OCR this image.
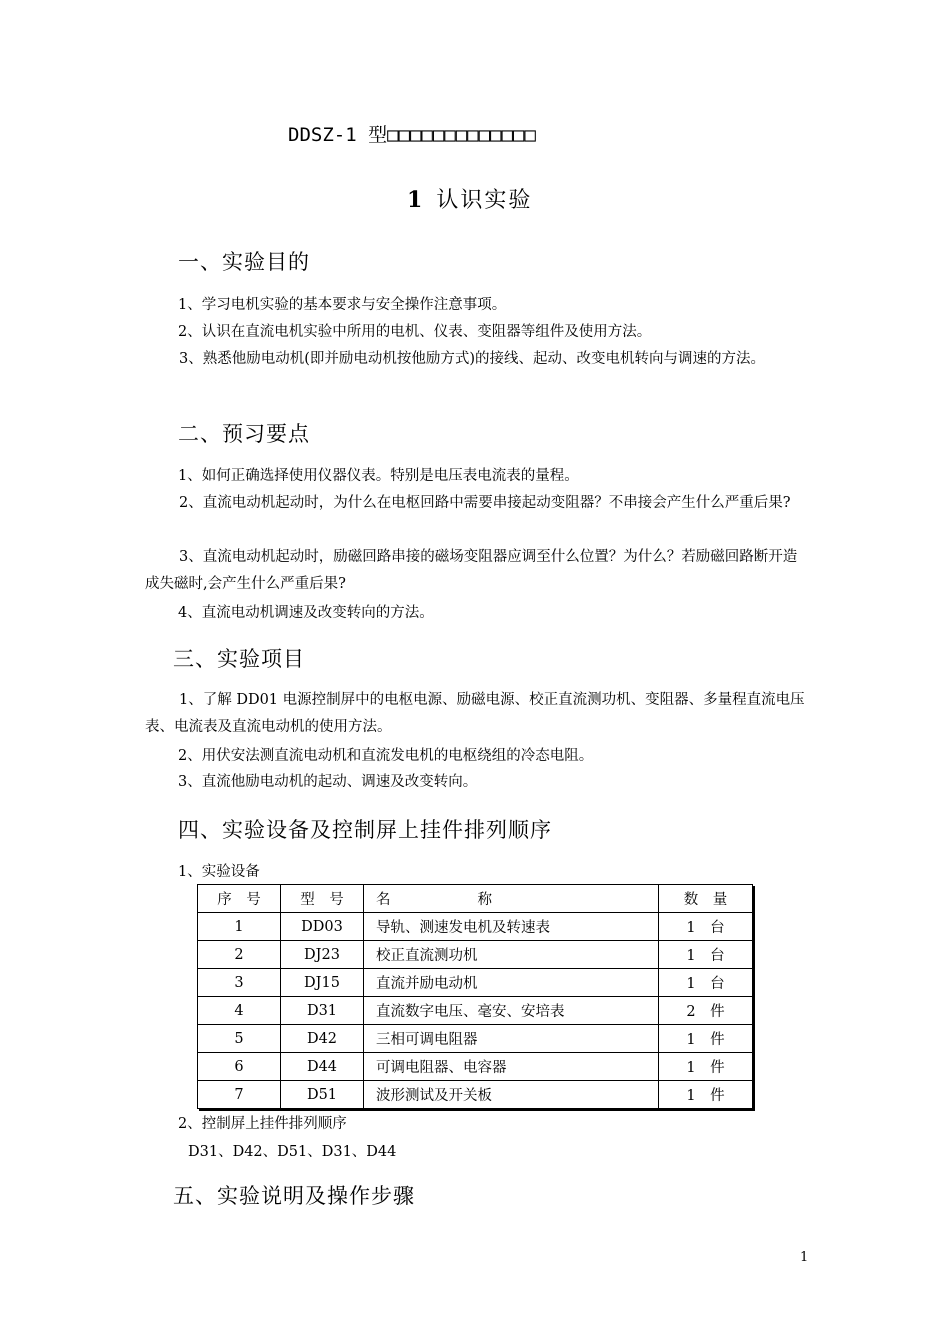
DDSZ-1 型□□□□□□□□□□□□□
1 认识实验
一、实验目的
1、学习电机实验的基本要求与安全操作注意事项。
2、认识在直流电机实验中所用的电机、仪表、变阻器等组件及使用方法。
3、熟悉他励电动机(即并励电动机按他励方式)的接线、起动、改变电机转向与调速的方法。
二、预习要点
1、如何正确选择使用仪器仪表。特别是电压表电流表的量程。
2、直流电动机起动时，为什么在电枢回路中需要串接起动变阻器？不串接会产生什么严重后果?
3、直流电动机起动时，励磁回路串接的磁场变阻器应调至什么位置？为什么？若励磁回路断开造成失磁时,会产生什么严重后果?
4、直流电动机调速及改变转向的方法。
三、实验项目
1、了解 DD01 电源控制屏中的电枢电源、励磁电源、校正直流测功机、变阻器、多量程直流电压表、电流表及直流电动机的使用方法。
2、用伏安法测直流电动机和直流发电机的电枢绕组的冷态电阻。
3、直流他励电动机的起动、调速及改变转向。
四、实验设备及控制屏上挂件排列顺序
1、实验设备
序　号	型　号	名　　　　　　称	数　量
1	DD03	导轨、测速发电机及转速表	1　台
2	DJ23	校正直流测功机	1　台
3	DJ15	直流并励电动机	1　台
4	D31	直流数字电压、毫安、安培表	2　件
5	D42	三相可调电阻器	1　件
6	D44	可调电阻器、电容器	1　件
7	D51	波形测试及开关板	1　件
2、控制屏上挂件排列顺序
D31、D42、D51、D31、D44
五、实验说明及操作步骤
1
